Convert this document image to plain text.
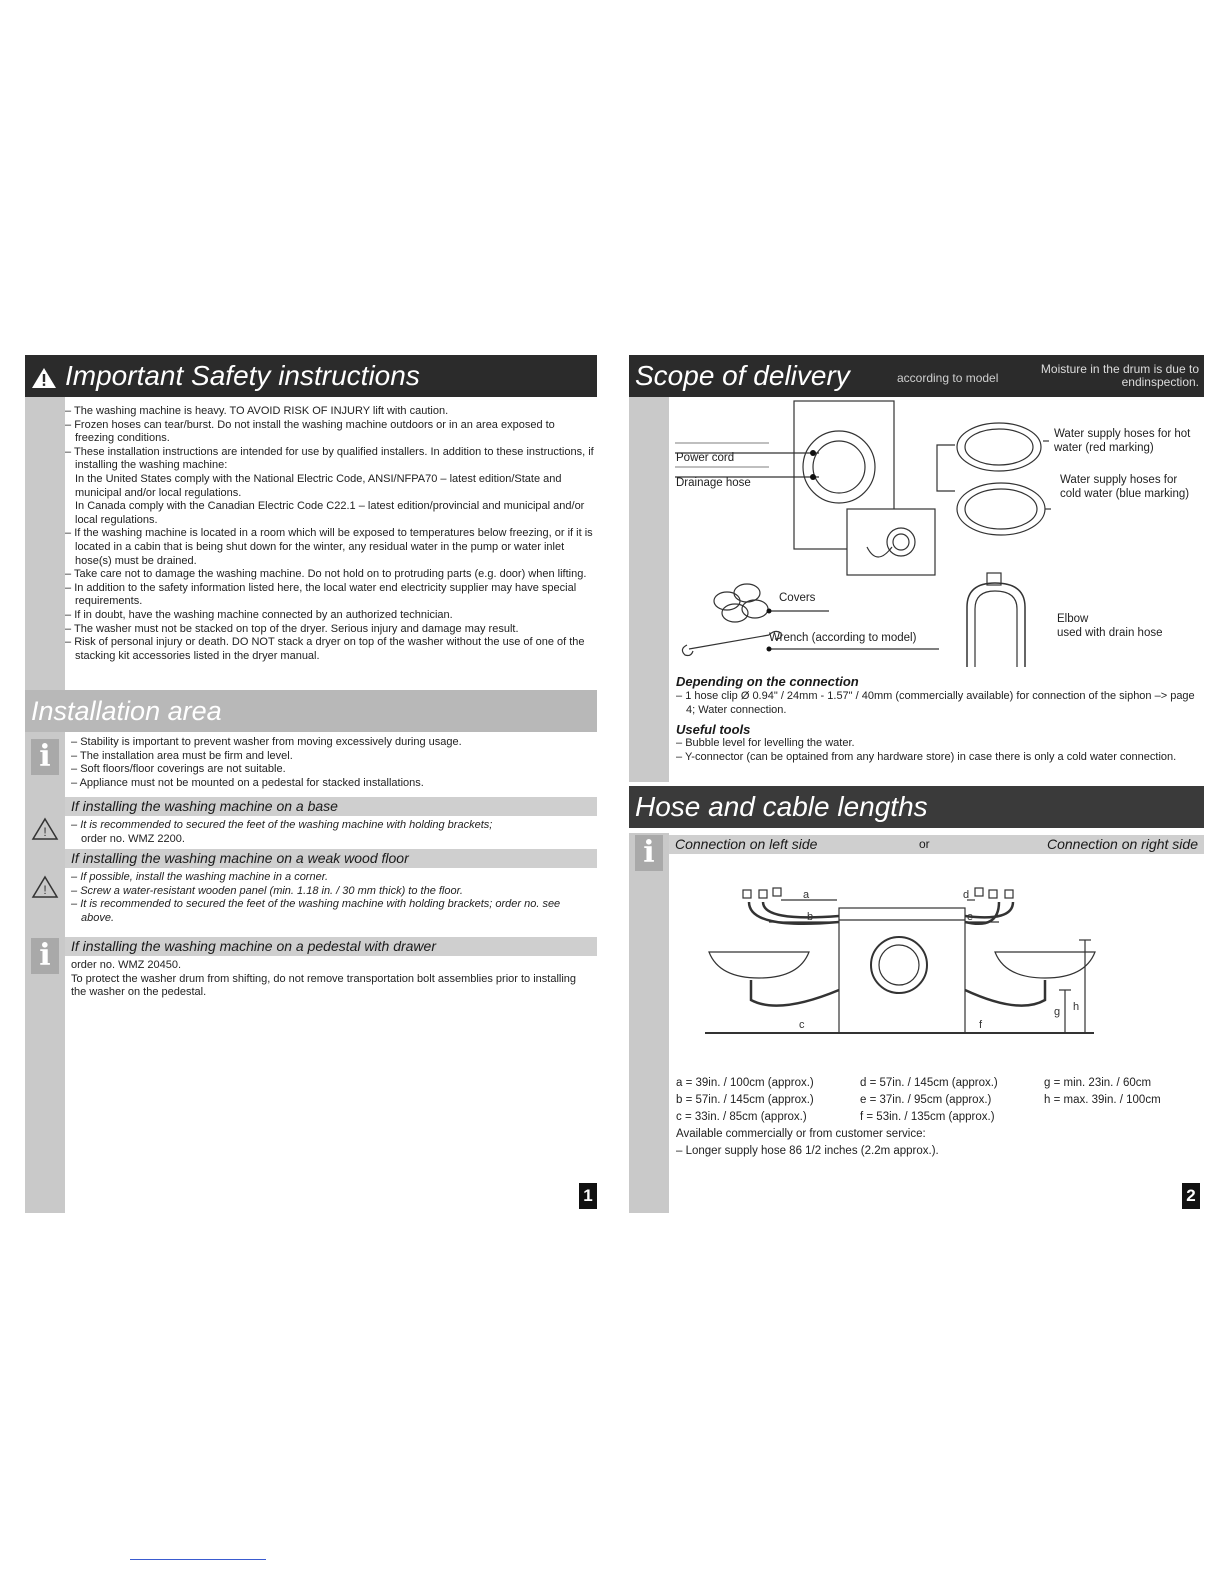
Important Safety instructions
– The washing machine is heavy. TO AVOID RISK OF INJURY lift with caution.
– Frozen hoses can tear/burst. Do not install the washing machine outdoors or in an area exposed to freezing conditions.
– These installation instructions are intended for use by qualified installers. In addition to these instructions, if installing the washing machine:
In the United States comply with the National Electric Code, ANSI/NFPA70 – latest edition/State and municipal and/or local regulations.
In Canada comply with the Canadian Electric Code C22.1 – latest edition/provincial and municipal and/or local regulations.
– If the washing machine is located in a room which will be exposed to temperatures below freezing, or if it is located in a cabin that is being shut down for the winter, any residual water in the pump or water inlet hose(s) must be drained.
– Take care not to damage the washing machine. Do not hold on to protruding parts (e.g. door) when lifting.
– In addition to the safety information listed here, the local water end electricity supplier may have special requirements.
– If in doubt, have the washing machine connected by an authorized technician.
– The washer must not be stacked on top of the dryer. Serious injury and damage may result.
– Risk of personal injury or death. DO NOT stack a dryer on top of the washer without the use of one of the stacking kit accessories listed in the dryer manual.
Installation area
i
–	Stability is important to prevent washer from moving excessively during usage.
– The installation area must be firm and level.
– Soft floors/floor coverings are not suitable.
– Appliance must not be mounted on a pedestal for stacked installations.
If installing the washing machine on a base
! – It is recommended to secured the feet of the washing machine with holding brackets;
order no. WMZ 2200.
If installing the washing machine on a weak wood floor
!
– If possible, install the washing machine in a corner.
– Screw a water-resistant wooden panel (min. 1.18 in. / 30 mm thick) to the floor.
– It is recommended to secured the feet of the washing machine with holding brackets; order no. see above.
If installing the washing machine on a pedestal with drawer
i	order no. WMZ 20450.
To protect the washer drum from shifting, do not remove transportation bolt assemblies prior to installing the washer on the pedestal.
1
Scope of delivery	according to model
Moisture in the drum is due to endinspection.
Power cord
Drainage hose
Water supply hoses for hot water (red marking)
Water supply hoses for cold water (blue marking)
Covers
Wrench (according to model)
Elbow
used with drain hose
Depending on the connection
– 1 hose clip Ø 0.94" / 24mm - 1.57" / 40mm (commercially available) for connection of the siphon –> page 4; Water connection.
Useful tools
– Bubble level for levelling the water.
– Y-connector (can be optained from any hardware store) in case there is only a cold water connection.
Hose and cable lengths
i	Connection on left side	or	Connection on right side
a
b
c
d
e
f
g h
a = 39in. / 100cm (approx.)	d = 57in. / 145cm (approx.)	g = min. 23in. / 60cm
b = 57in. / 145cm (approx.)	e = 37in. / 95cm (approx.)	h = max. 39in. / 100cm
c = 33in. / 85cm (approx.)	f = 53in. / 135cm (approx.)
Available commercially or from customer service:
– Longer supply hose 86 1/2 inches (2.2m approx.).
2
